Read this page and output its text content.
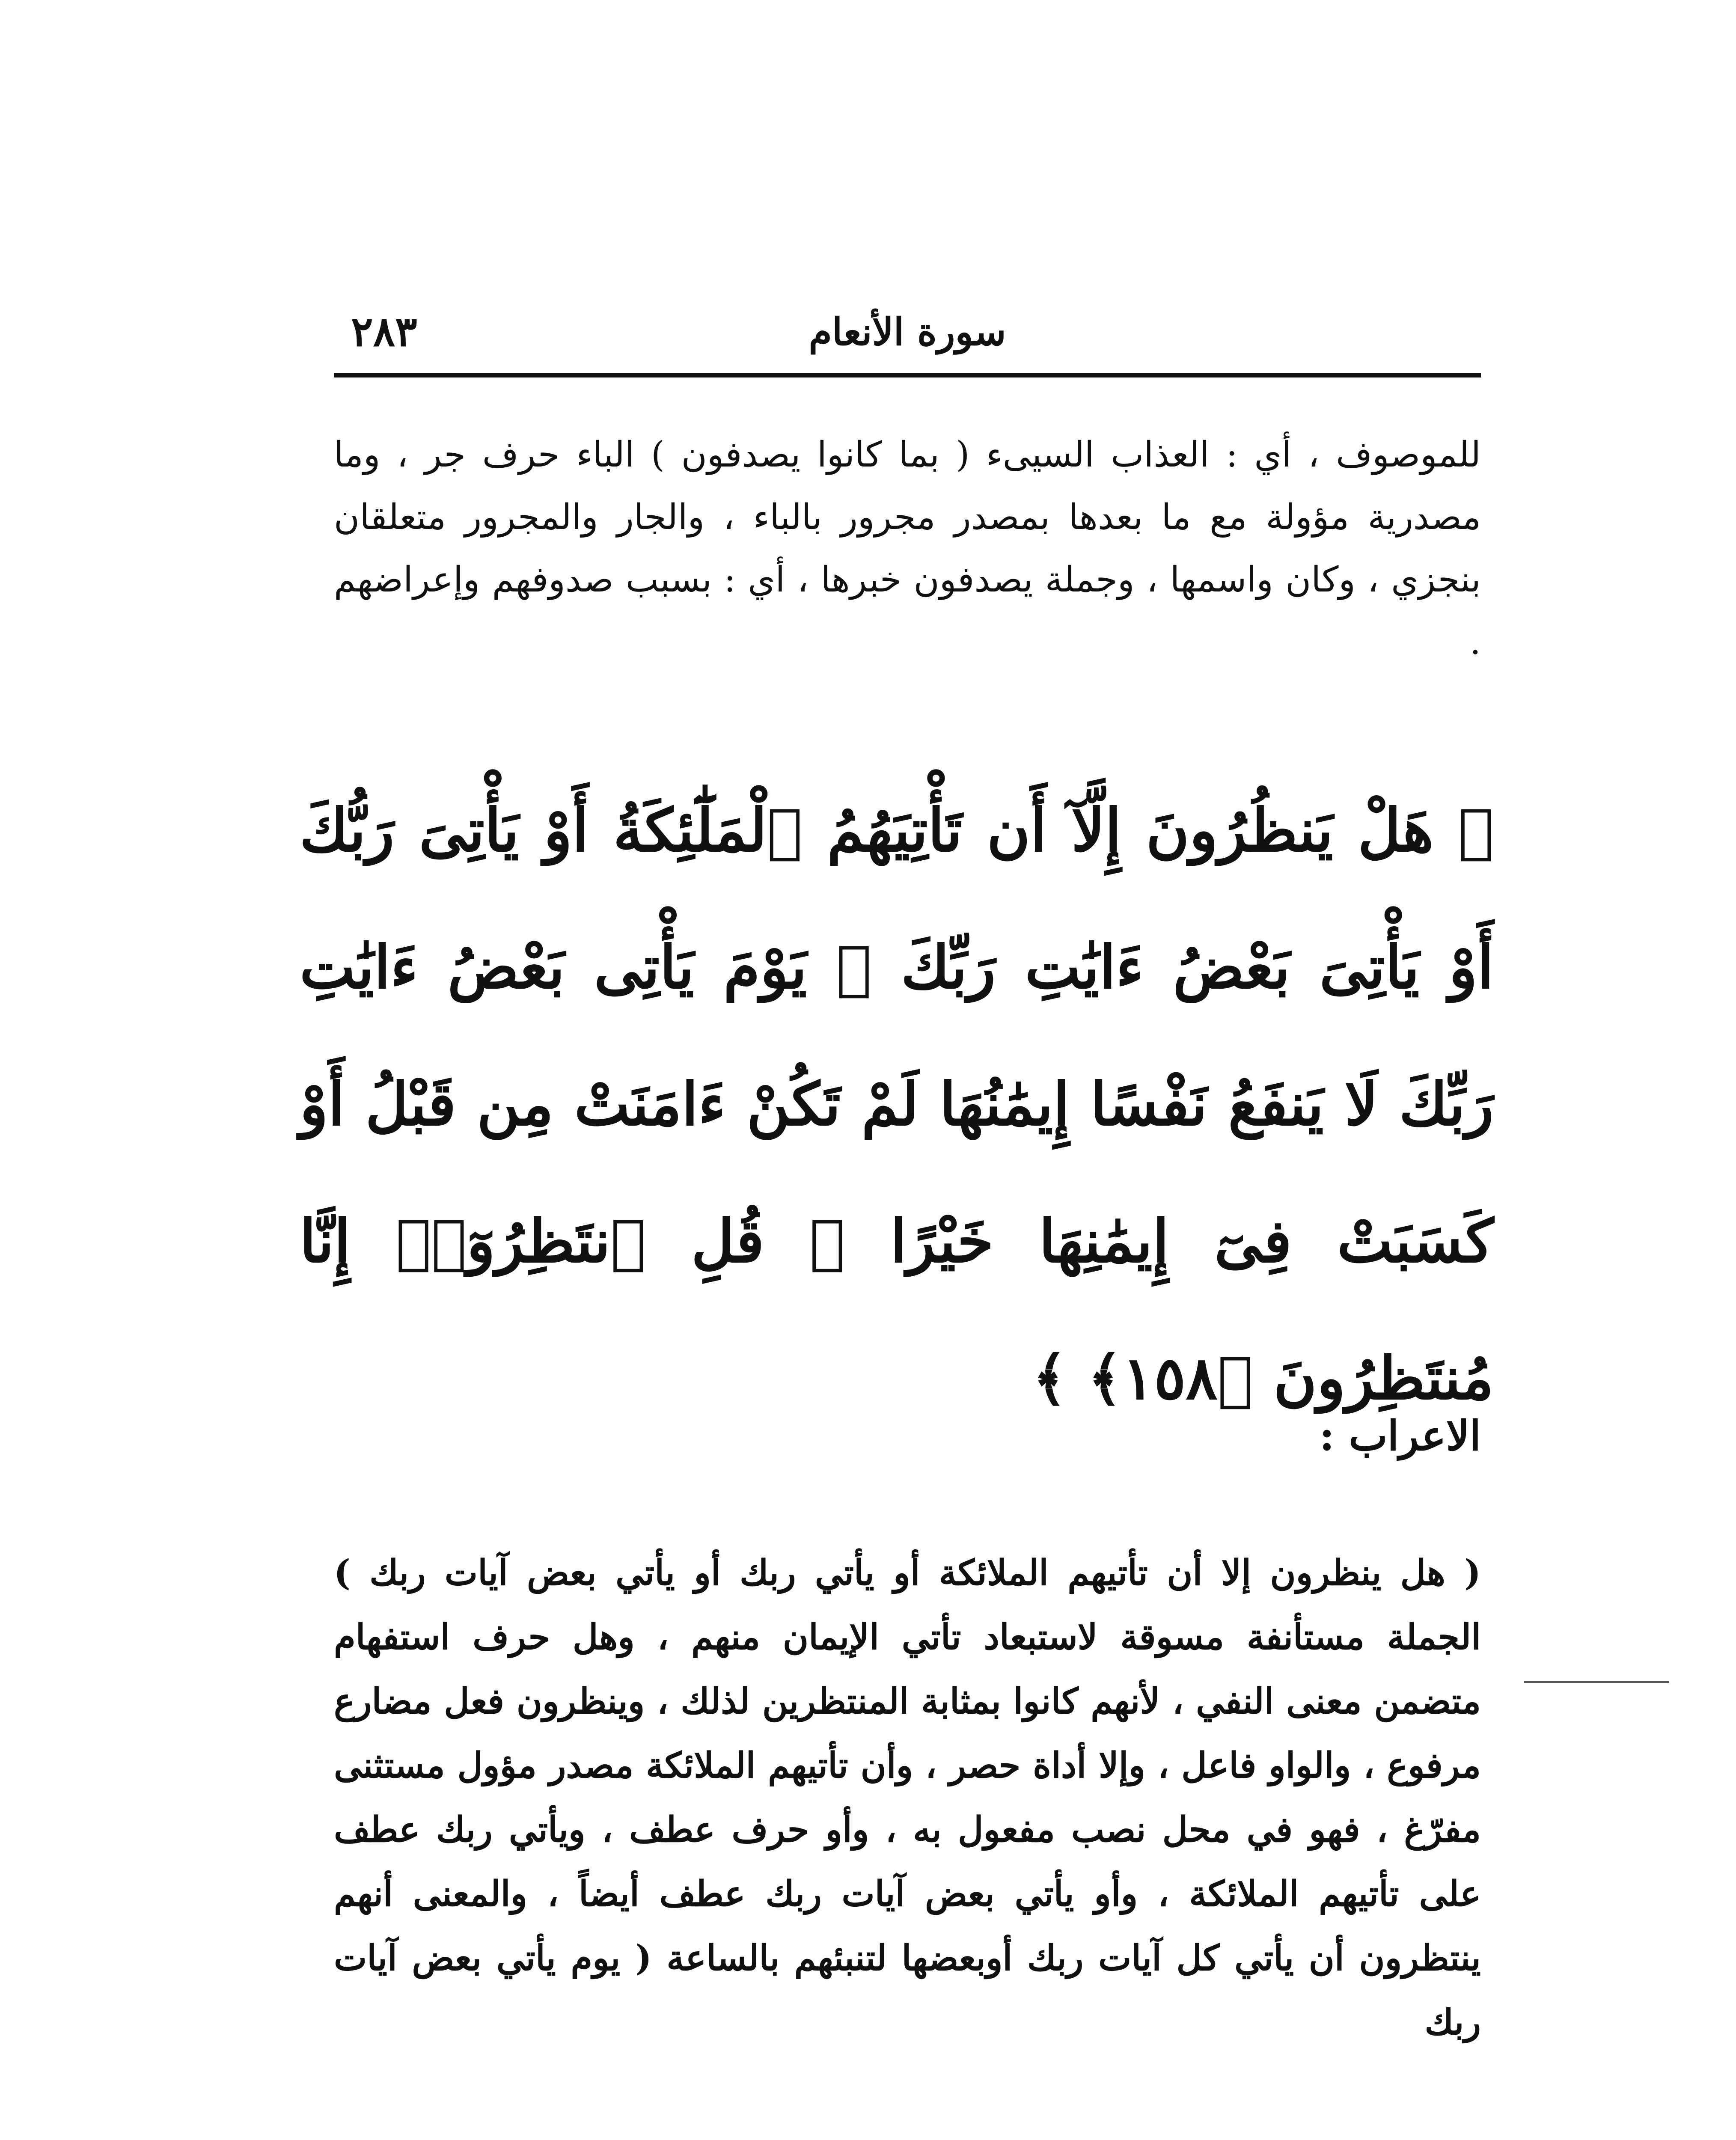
سورة الأنعام
٢٨٣
للموصوف ، أي : العذاب السيىء ( بما كانوا يصدفون ) الباء حرف جر ، وما مصدرية مؤولة مع ما بعدها بمصدر مجرور بالباء ، والجار والمجرور متعلقان بنجزي ، وكان واسمها ، وجملة يصدفون خبرها ، أي : بسبب صدوفهم وإعراضهم .
﴿ هَلْ يَنظُرُونَ إِلَّآ أَن تَأْتِيَهُمُ ٱلْمَلَٰٓئِكَةُ أَوْ يَأْتِىَ رَبُّكَ أَوْ يَأْتِىَ بَعْضُ ءَايَٰتِ رَبِّكَ ۗ يَوْمَ يَأْتِى بَعْضُ ءَايَٰتِ رَبِّكَ لَا يَنفَعُ نَفْسًا إِيمَٰنُهَا لَمْ تَكُنْ ءَامَنَتْ مِن قَبْلُ أَوْ كَسَبَتْ فِىٓ إِيمَٰنِهَا خَيْرًا ۗ قُلِ ٱنتَظِرُوٓا۟ إِنَّا مُنتَظِرُونَ ﴿١٥٨﴾ ﴾
الاعراب :
( هل ينظرون إلا أن تأتيهم الملائكة أو يأتي ربك أو يأتي بعض آيات ربك ) الجملة مستأنفة مسوقة لاستبعاد تأتي الإيمان منهم ، وهل حرف استفهام متضمن معنى النفي ، لأنهم كانوا بمثابة المنتظرين لذلك ، وينظرون فعل مضارع مرفوع ، والواو فاعل ، وإلا أداة حصر ، وأن تأتيهم الملائكة مصدر مؤول مستثنى مفرّغ ، فهو في محل نصب مفعول به ، وأو حرف عطف ، ويأتي ربك عطف على تأتيهم الملائكة ، وأو يأتي بعض آيات ربك عطف أيضاً ، والمعنى أنهم ينتظرون أن يأتي كل آيات ربك أوبعضها لتنبئهم بالساعة ( يوم يأتي بعض آيات ربك
